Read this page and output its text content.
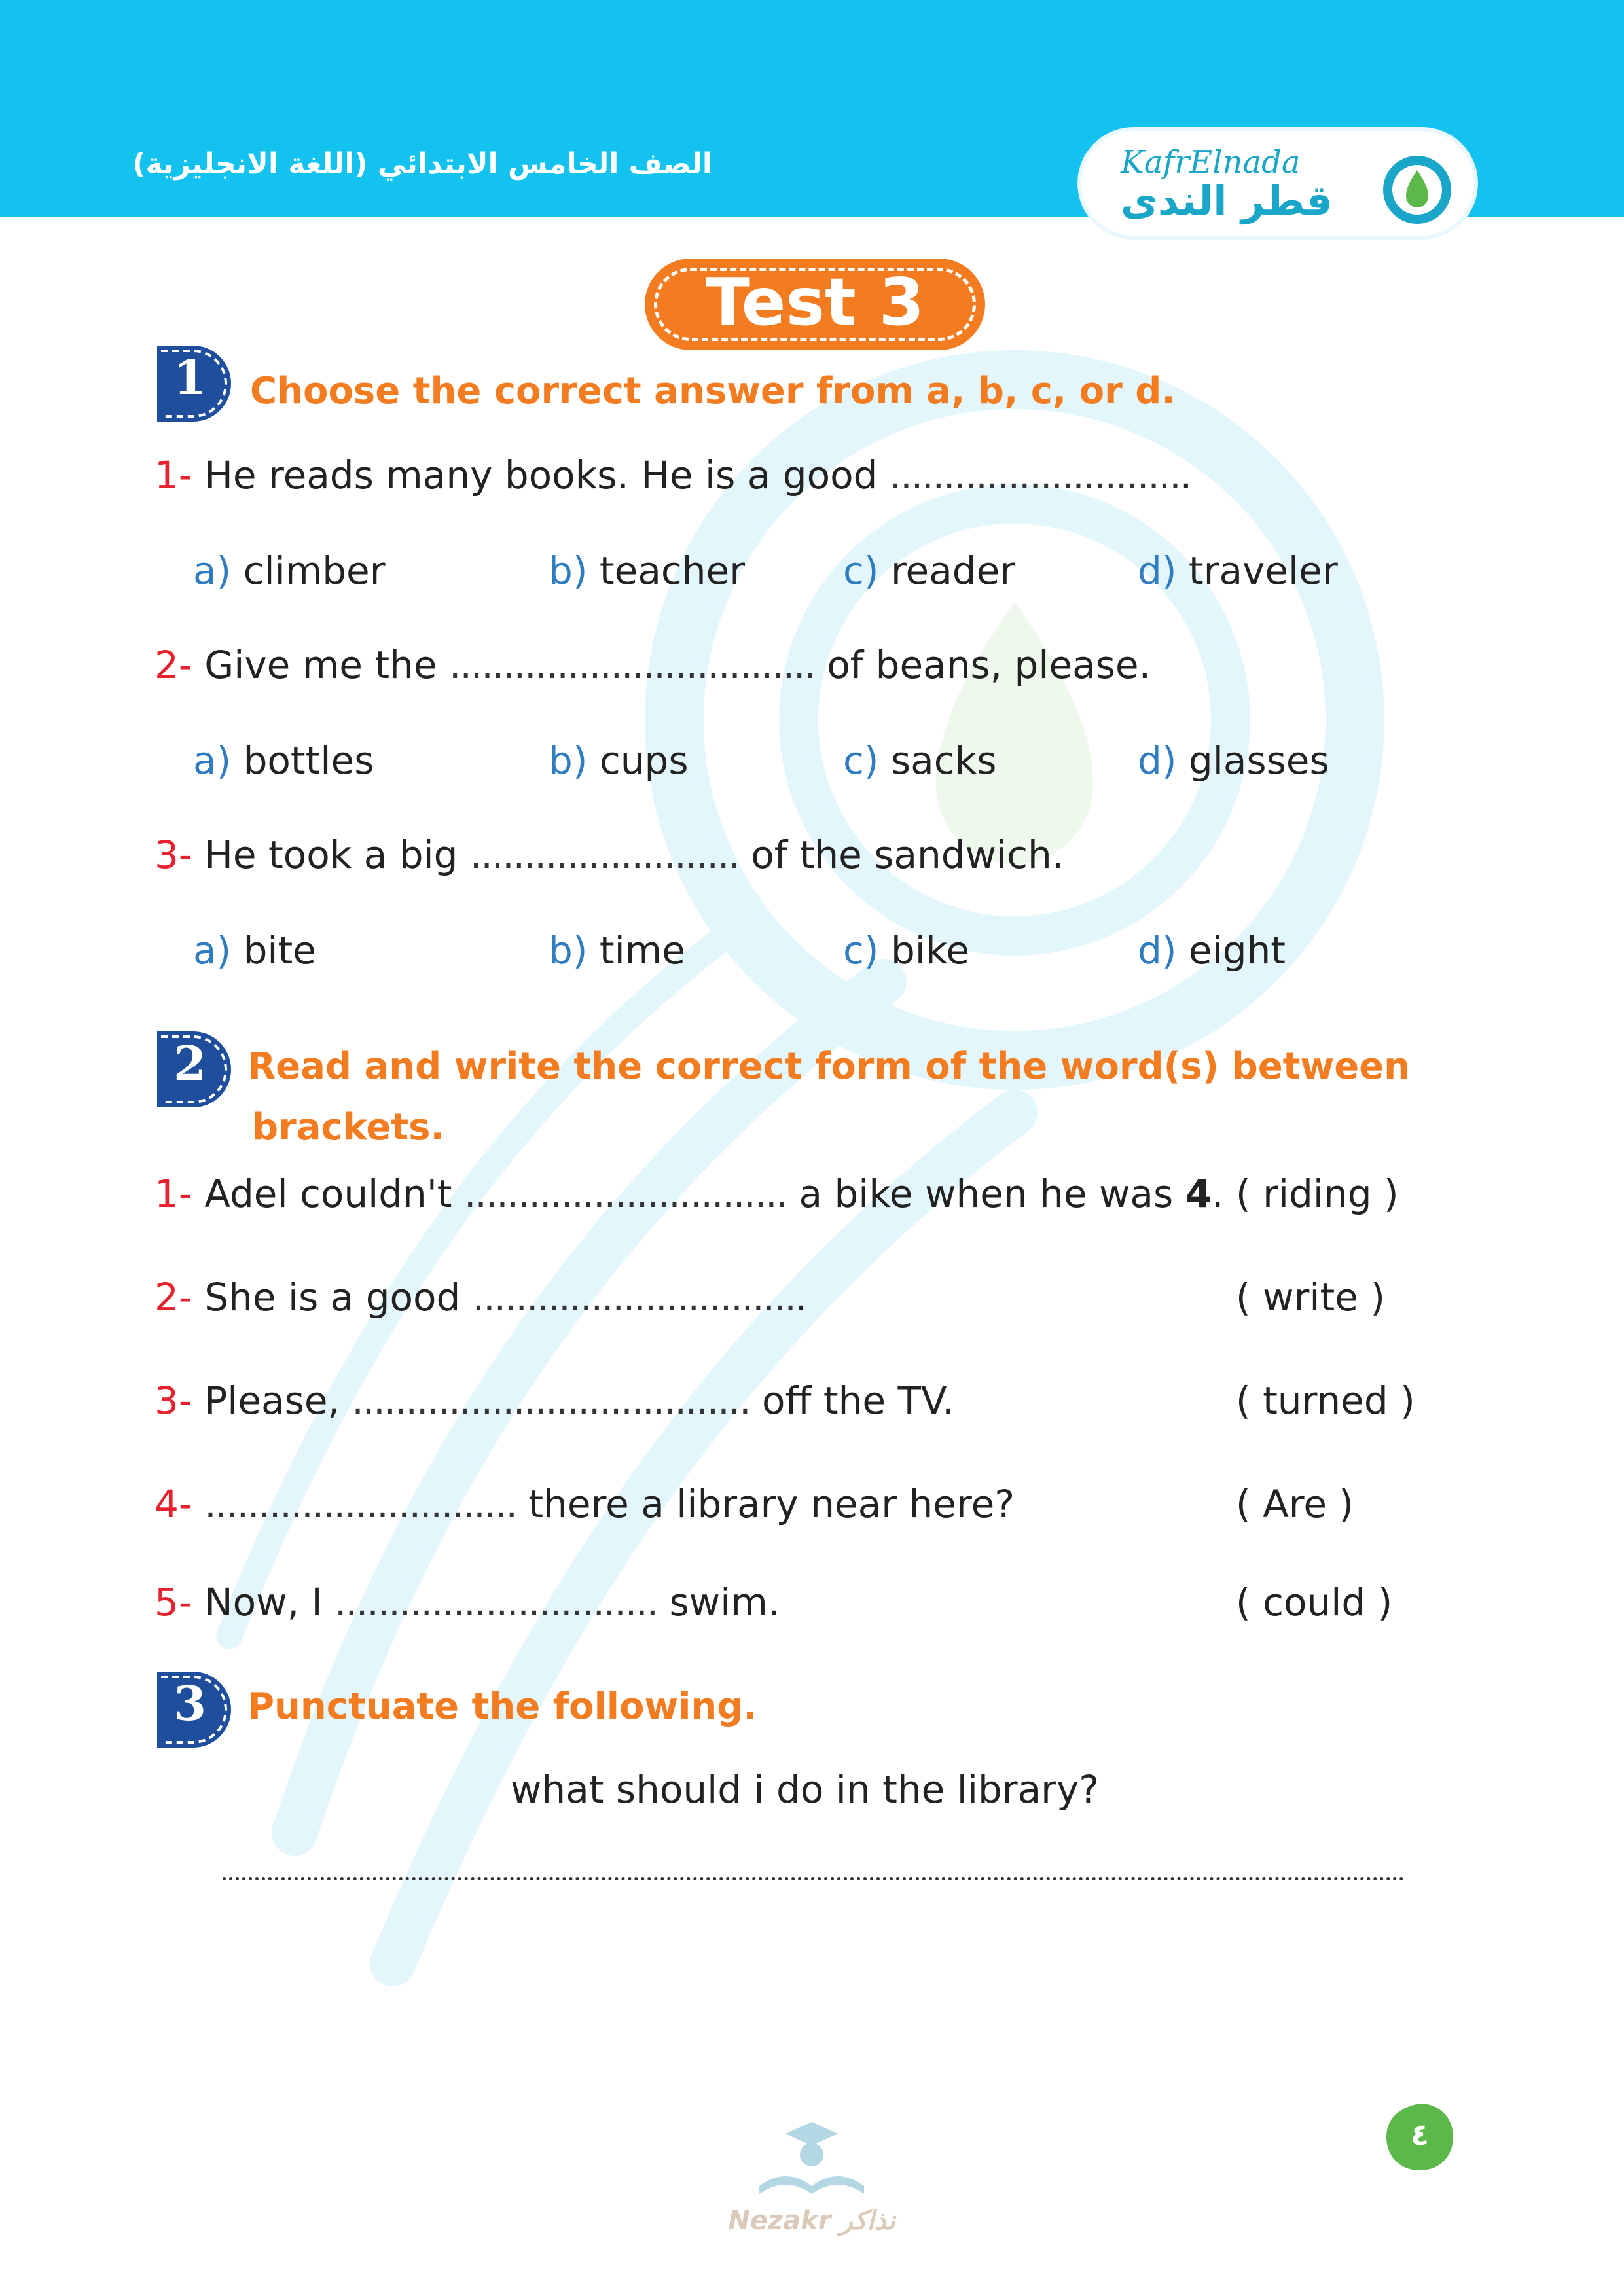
الصف الخامس الابتدائي (اللغة الانجليزية)	KafrElnada
قطر الندى
Test 3
1	Choose the correct answer from a, b, c, or d.
1- He reads many books. He is a good ............................
a) climber	b) teacher	c) reader	d) traveler
2- Give me the .................................. of beans, please.
a) bottles	b) cups	c) sacks	d) glasses
3- He took a big ......................... of the sandwich.
a) bite	b) time	c) bike	d) eight
2	Read and write the correct form of the word(s) between
brackets.
1- Adel couldn't .............................. a bike when he was 4. ( riding )
2- She is a good ...............................	( write )
3- Please, ..................................... off the TV.	( turned )
4- ............................. there a library near here?	( Are )
5- Now, I .............................. swim.	( could )
3	Punctuate the following.
what should i do in the library?
Nezakr نذاكر
٤
